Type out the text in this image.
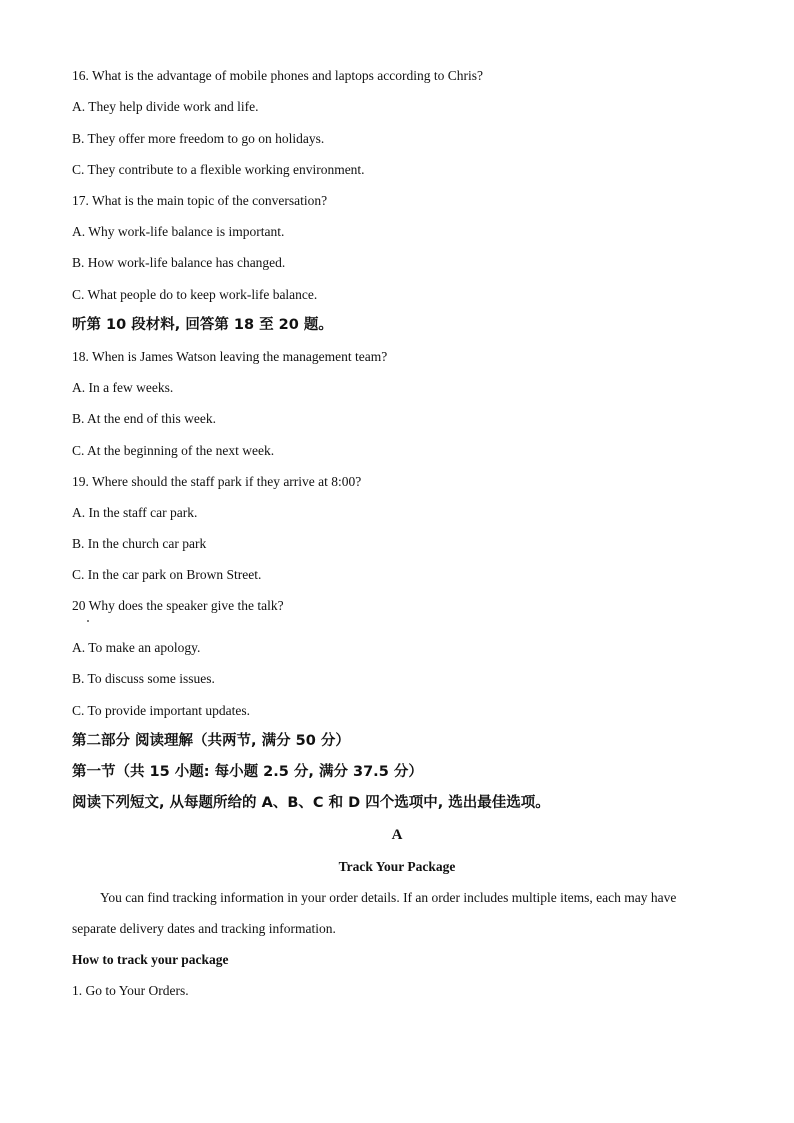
16. What is the advantage of mobile phones and laptops according to Chris?
A. They help divide work and life.
B. They offer more freedom to go on holidays.
C. They contribute to a flexible working environment.
17. What is the main topic of the conversation?
A. Why work-life balance is important.
B. How work-life balance has changed.
C. What people do to keep work-life balance.
听第 10 段材料, 回答第 18 至 20 题。
18. When is James Watson leaving the management team?
A. In a few weeks.
B. At the end of this week.
C. At the beginning of the next week.
19. Where should the staff park if they arrive at 8:00?
A. In the staff car park.
B. In the church car park
C. In the car park on Brown Street.
20 Why does the speaker give the talk?
A. To make an apology.
B. To discuss some issues.
C. To provide important updates.
第二部分 阅读理解（共两节, 满分 50 分）
第一节（共 15 小题: 每小题 2.5 分, 满分 37.5 分）
阅读下列短文, 从每题所给的 A、B、C 和 D 四个选项中, 选出最佳选项。
A
Track Your Package
You can find tracking information in your order details. If an order includes multiple items, each may have
separate delivery dates and tracking information.
How to track your package
1. Go to Your Orders.
